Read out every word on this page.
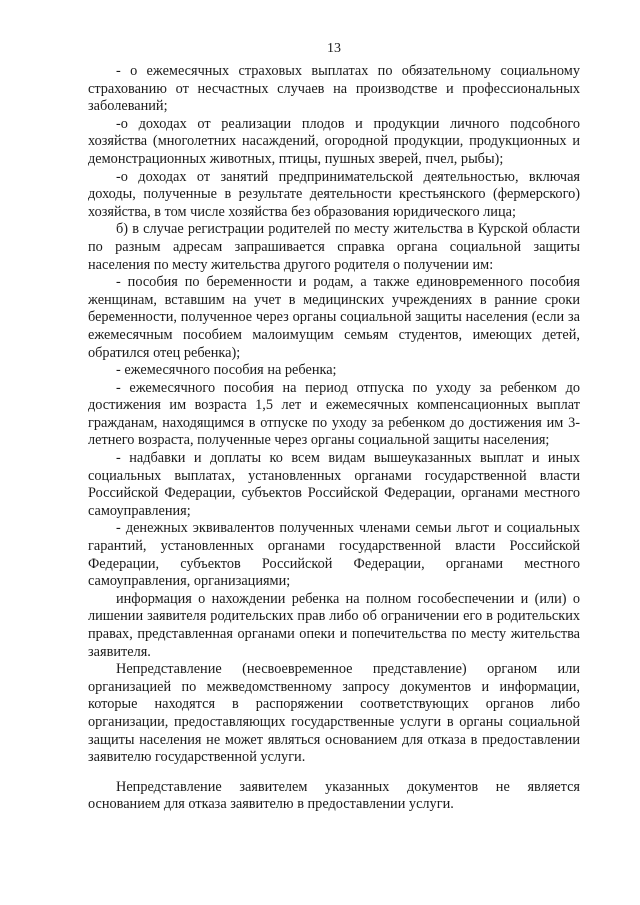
13

- о ежемесячных страховых выплатах по обязательному социальному страхованию от несчастных случаев на производстве и профессиональных заболеваний;

-о доходах от реализации плодов и продукции личного подсобного хозяйства (многолетних насаждений, огородной продукции, продукционных и демонстрационных животных, птицы, пушных зверей, пчел, рыбы);

-о доходах от занятий предпринимательской деятельностью, включая доходы, полученные в результате деятельности крестьянского (фермерского) хозяйства, в том числе хозяйства без образования юридического лица;

б) в случае регистрации родителей по месту жительства в Курской области по разным адресам запрашивается справка органа социальной защиты населения по месту жительства другого родителя о получении им:

- пособия по беременности и родам, а также единовременного пособия женщинам, вставшим на учет в медицинских учреждениях в ранние сроки беременности, полученное через органы социальной защиты населения (если за ежемесячным пособием малоимущим семьям студентов, имеющих детей, обратился отец ребенка);

- ежемесячного пособия на ребенка;

- ежемесячного пособия на период отпуска по уходу за ребенком до достижения им возраста 1,5 лет и ежемесячных компенсационных выплат гражданам, находящимся в отпуске по уходу за ребенком до достижения им 3-летнего возраста, полученные через органы социальной защиты населения;

- надбавки и доплаты ко всем видам вышеуказанных выплат и иных социальных выплатах, установленных органами государственной власти Российской Федерации, субъектов Российской Федерации, органами местного самоуправления;

- денежных эквивалентов полученных членами семьи льгот и социальных гарантий, установленных органами государственной власти Российской Федерации, субъектов Российской Федерации, органами местного самоуправления, организациями;

информация о нахождении ребенка на полном гособеспечении и (или) о лишении заявителя родительских прав либо об ограничении его в родительских правах, представленная органами опеки и попечительства по месту жительства заявителя.

Непредставление (несвоевременное представление) органом или организацией по межведомственному запросу документов и информации, которые находятся в распоряжении соответствующих органов либо организации, предоставляющих государственные услуги в органы социальной защиты населения не может являться основанием для отказа в предоставлении заявителю государственной услуги.

Непредставление заявителем указанных документов не является основанием для отказа заявителю в предоставлении услуги.
